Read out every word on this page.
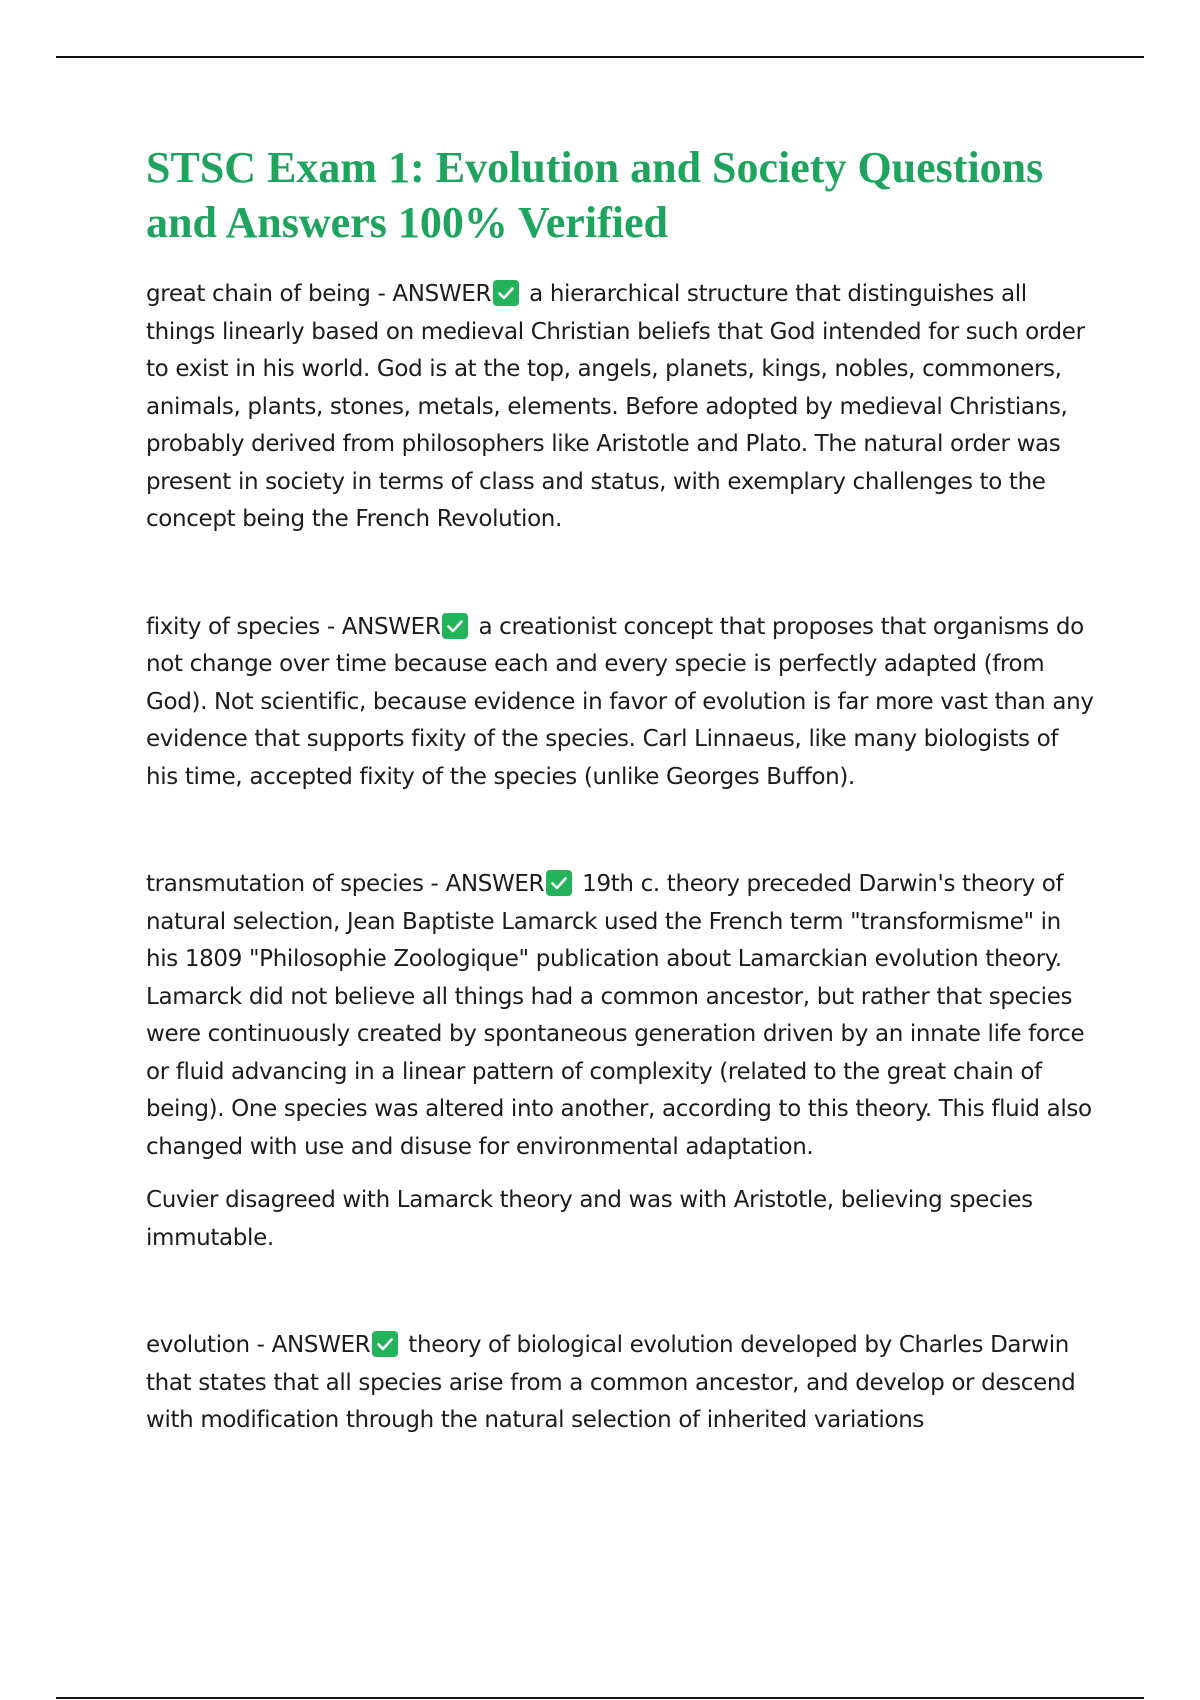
STSC Exam 1: Evolution and Society Questions and Answers 100% Verified

great chain of being - ANSWER a hierarchical structure that distinguishes all things linearly based on medieval Christian beliefs that God intended for such order to exist in his world. God is at the top, angels, planets, kings, nobles, commoners, animals, plants, stones, metals, elements. Before adopted by medieval Christians, probably derived from philosophers like Aristotle and Plato. The natural order was present in society in terms of class and status, with exemplary challenges to the concept being the French Revolution.

fixity of species - ANSWER a creationist concept that proposes that organisms do not change over time because each and every specie is perfectly adapted (from God). Not scientific, because evidence in favor of evolution is far more vast than any evidence that supports fixity of the species. Carl Linnaeus, like many biologists of his time, accepted fixity of the species (unlike Georges Buffon).

transmutation of species - ANSWER 19th c. theory preceded Darwin's theory of natural selection, Jean Baptiste Lamarck used the French term "transformisme" in his 1809 "Philosophie Zoologique" publication about Lamarckian evolution theory. Lamarck did not believe all things had a common ancestor, but rather that species were continuously created by spontaneous generation driven by an innate life force or fluid advancing in a linear pattern of complexity (related to the great chain of being). One species was altered into another, according to this theory. This fluid also changed with use and disuse for environmental adaptation.

Cuvier disagreed with Lamarck theory and was with Aristotle, believing species immutable.

evolution - ANSWER theory of biological evolution developed by Charles Darwin that states that all species arise from a common ancestor, and develop or descend with modification through the natural selection of inherited variations
